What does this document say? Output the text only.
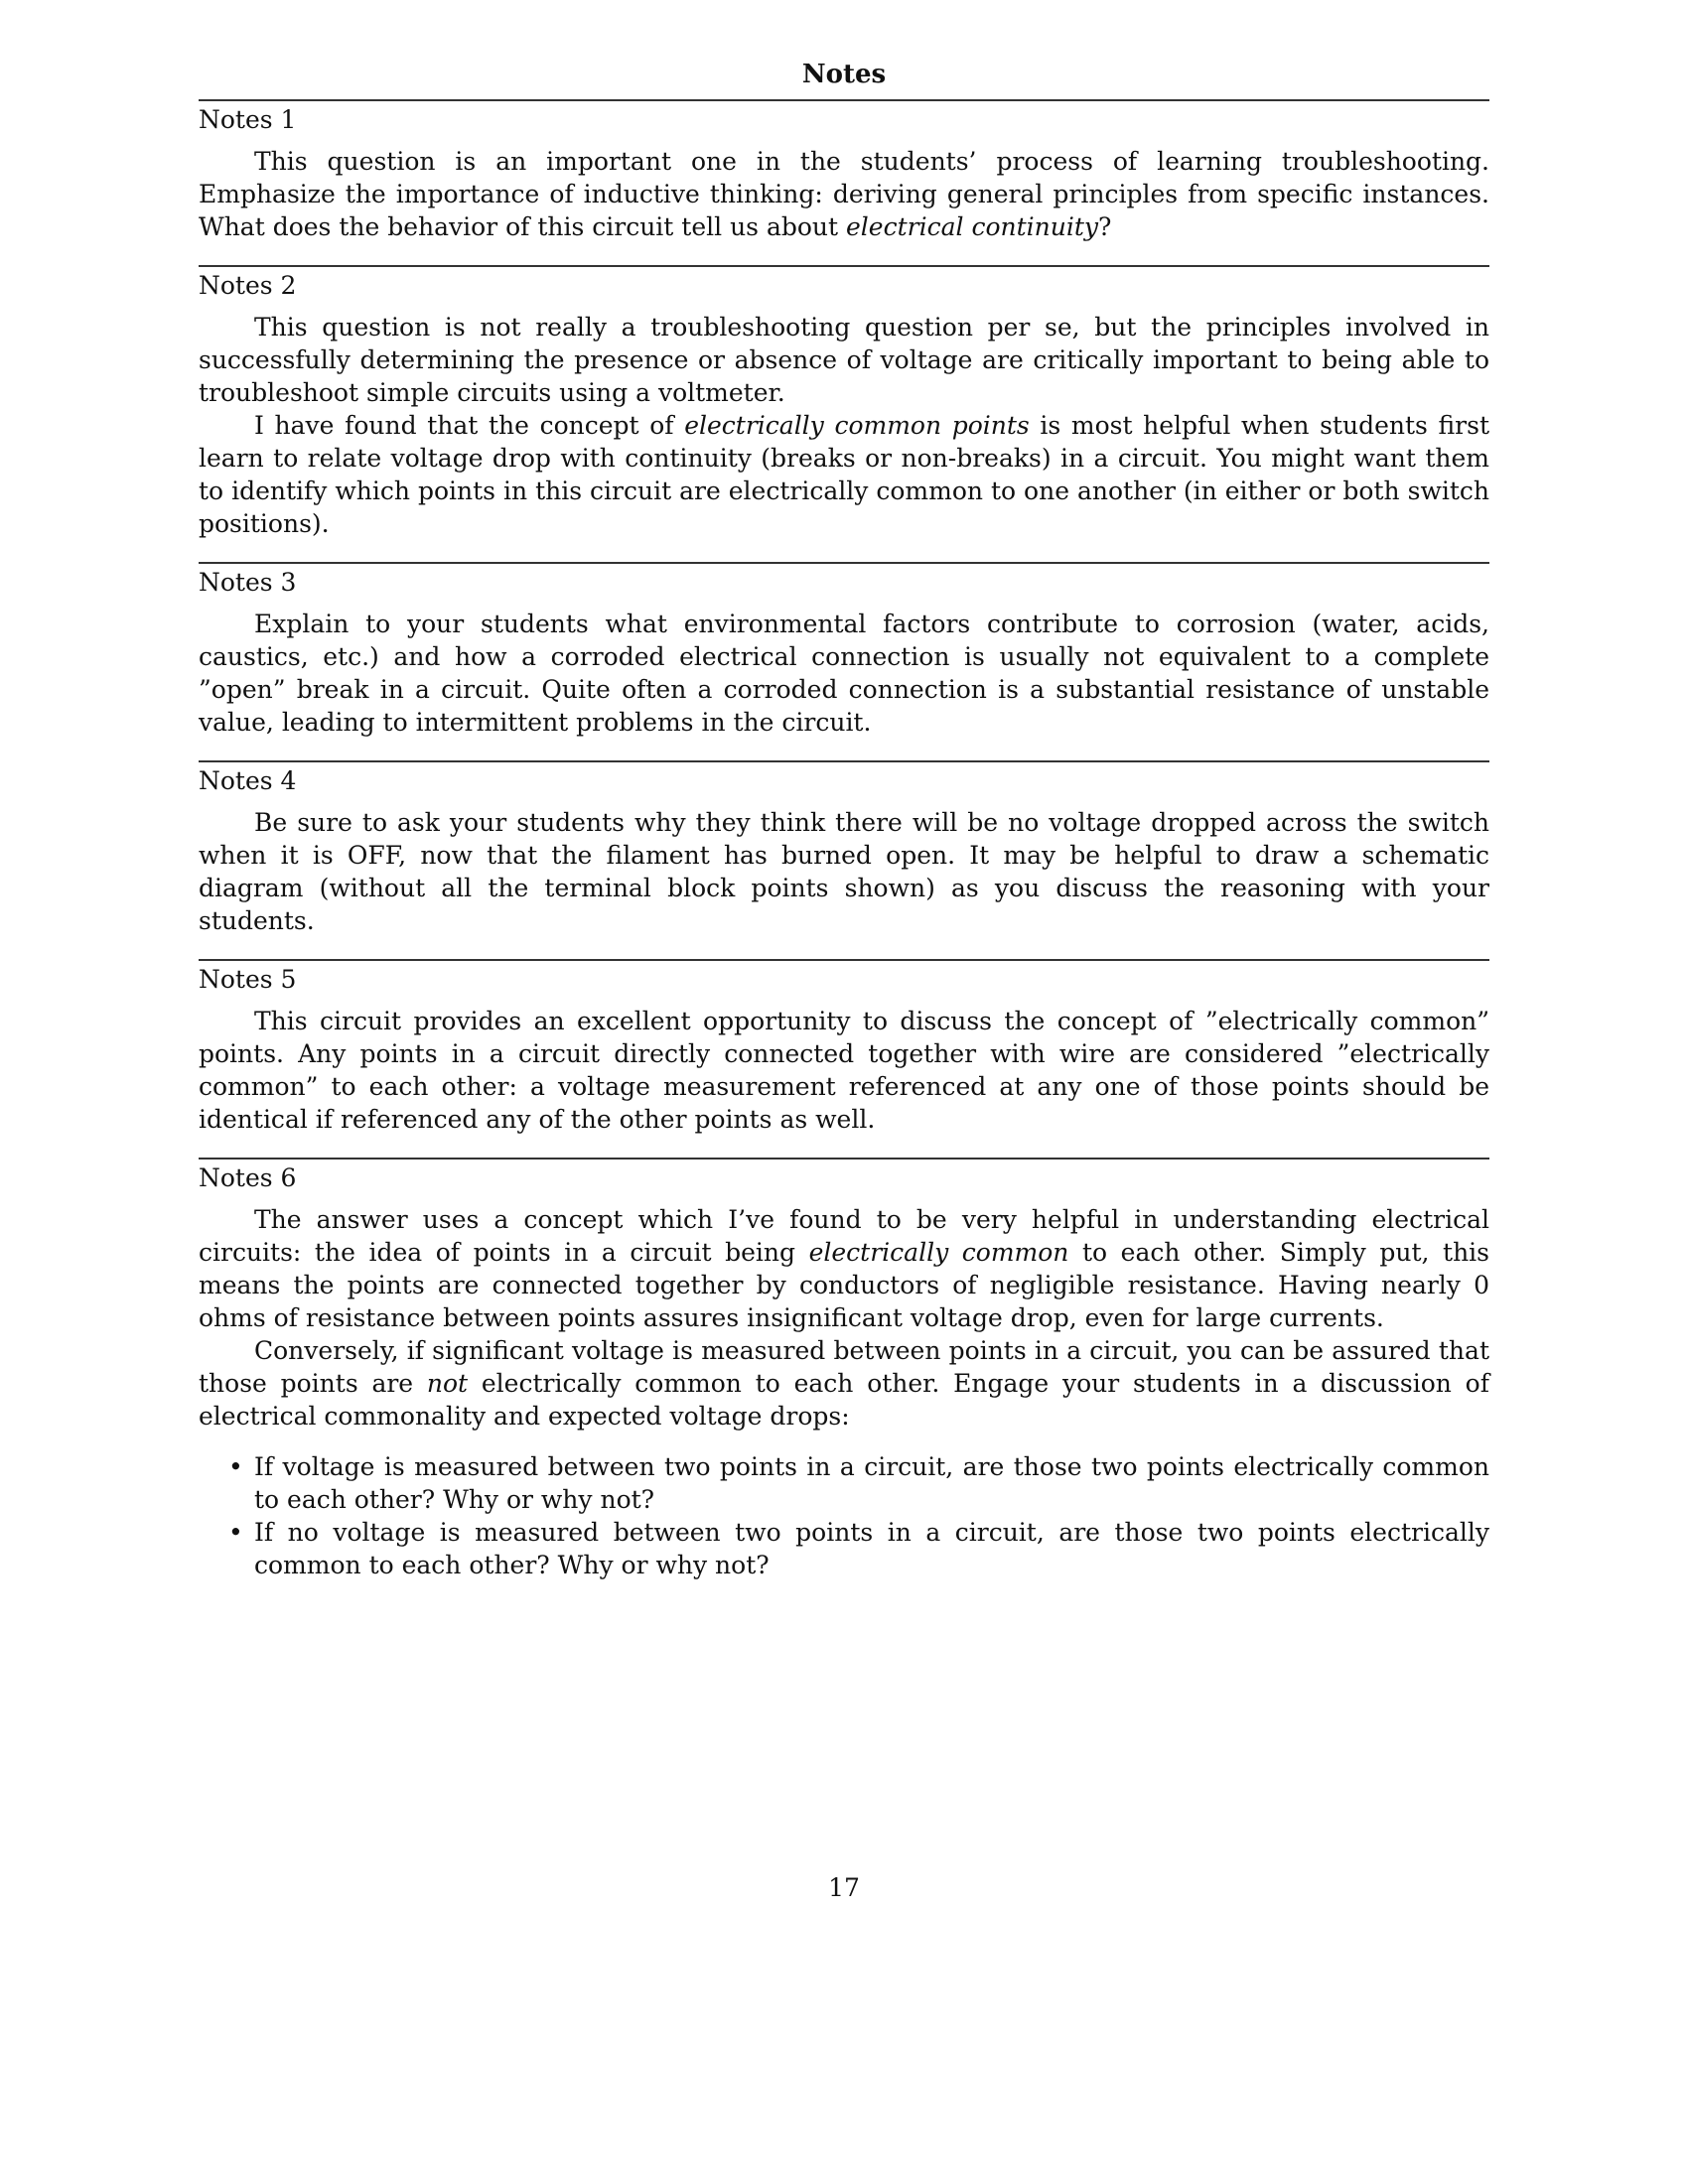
Notes
Notes 1

This question is an important one in the students’ process of learning troubleshooting. Emphasize the importance of inductive thinking: deriving general principles from specific instances. What does the behavior of this circuit tell us about electrical continuity?

Notes 2

This question is not really a troubleshooting question per se, but the principles involved in successfully determining the presence or absence of voltage are critically important to being able to troubleshoot simple circuits using a voltmeter.

I have found that the concept of electrically common points is most helpful when students first learn to relate voltage drop with continuity (breaks or non-breaks) in a circuit. You might want them to identify which points in this circuit are electrically common to one another (in either or both switch positions).

Notes 3

Explain to your students what environmental factors contribute to corrosion (water, acids, caustics, etc.) and how a corroded electrical connection is usually not equivalent to a complete ”open” break in a circuit. Quite often a corroded connection is a substantial resistance of unstable value, leading to intermittent problems in the circuit.

Notes 4

Be sure to ask your students why they think there will be no voltage dropped across the switch when it is OFF, now that the filament has burned open. It may be helpful to draw a schematic diagram (without all the terminal block points shown) as you discuss the reasoning with your students.

Notes 5

This circuit provides an excellent opportunity to discuss the concept of ”electrically common” points. Any points in a circuit directly connected together with wire are considered ”electrically common” to each other: a voltage measurement referenced at any one of those points should be identical if referenced any of the other points as well.

Notes 6

The answer uses a concept which I’ve found to be very helpful in understanding electrical circuits: the idea of points in a circuit being electrically common to each other. Simply put, this means the points are connected together by conductors of negligible resistance. Having nearly 0 ohms of resistance between points assures insignificant voltage drop, even for large currents.

Conversely, if significant voltage is measured between points in a circuit, you can be assured that those points are not electrically common to each other. Engage your students in a discussion of electrical commonality and expected voltage drops:

• If voltage is measured between two points in a circuit, are those two points electrically common to each other? Why or why not?
• If no voltage is measured between two points in a circuit, are those two points electrically common to each other? Why or why not?
17
